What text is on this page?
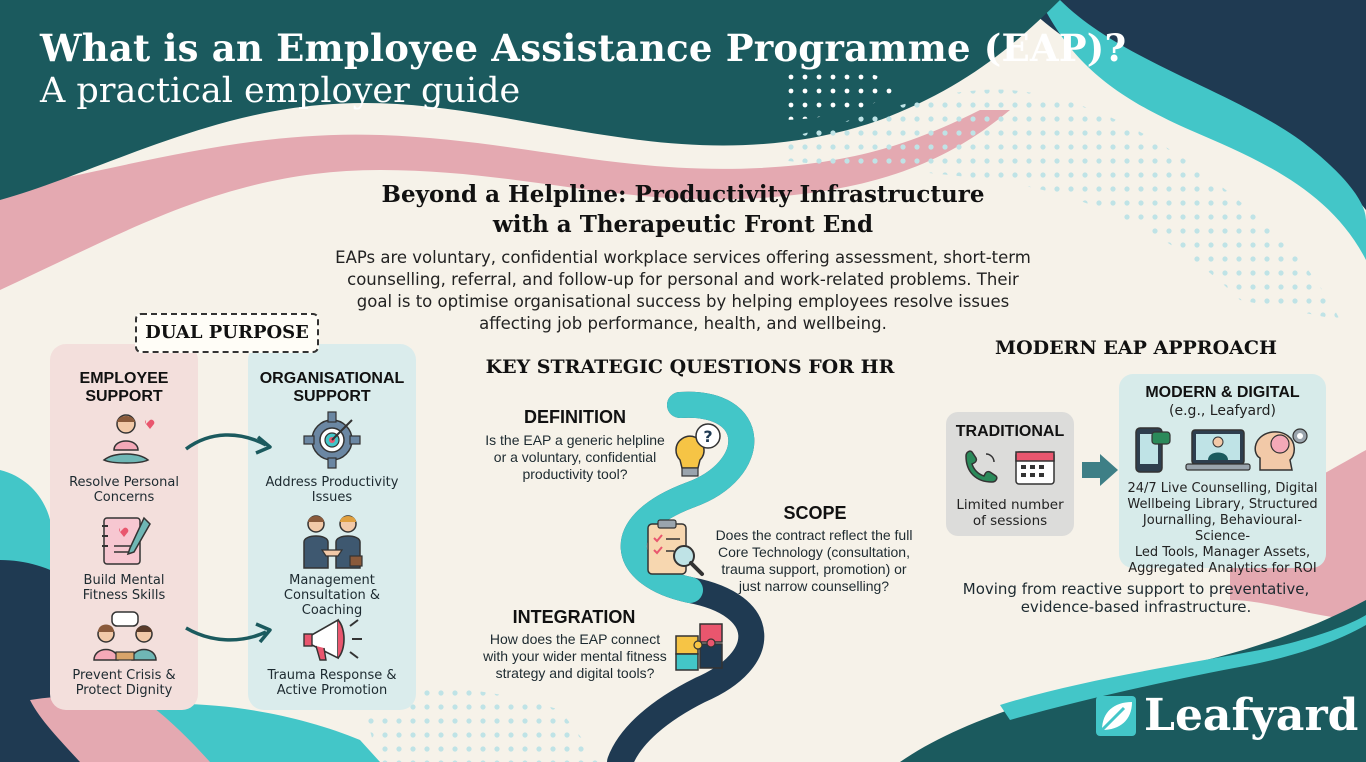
What is an Employee Assistance Programme (EAP)?
A practical employer guide
Beyond a Helpline: Productivity Infrastructure
with a Therapeutic Front End
EAPs are voluntary, confidential workplace services offering assessment, short-term counselling, referral, and follow-up for personal and work-related problems. Their goal is to optimise organisational success by helping employees resolve issues affecting job performance, health, and wellbeing.
DUAL PURPOSE
EMPLOYEE
SUPPORT
ORGANISATIONAL
SUPPORT
Resolve Personal
Concerns
Build Mental
Fitness Skills
Prevent Crisis &
Protect Dignity
Address Productivity
Issues
Management
Consultation & Coaching
Trauma Response &
Active Promotion
KEY STRATEGIC QUESTIONS FOR HR
DEFINITION
Is the EAP a generic helpline
or a voluntary, confidential
productivity tool?
?
SCOPE
Does the contract reflect the full
Core Technology (consultation,
trauma support, promotion) or
just narrow counselling?
INTEGRATION
How does the EAP connect
with your wider mental fitness
strategy and digital tools?
MODERN EAP APPROACH
TRADITIONAL
Limited number
of sessions
MODERN & DIGITAL
(e.g., Leafyard)
24/7 Live Counselling, Digital
Wellbeing Library, Structured
Journalling, Behavioural-Science-
Led Tools, Manager Assets,
Aggregated Analytics for ROI
Moving from reactive support to preventative,
evidence-based infrastructure.
Leafyard
